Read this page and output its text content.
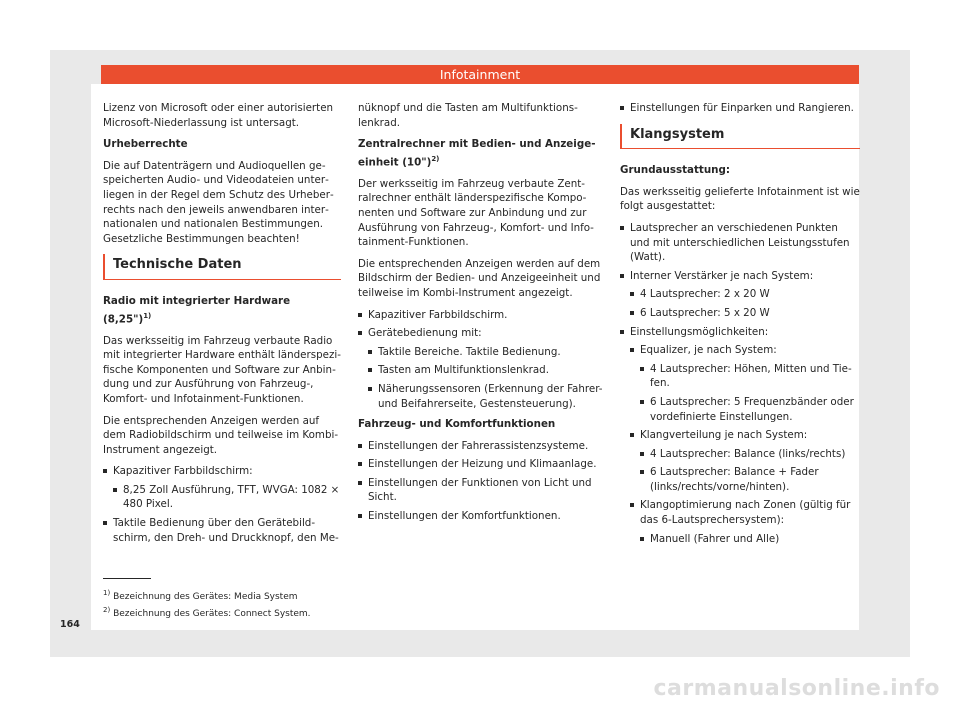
Infotainment

Lizenz von Microsoft oder einer autorisierten Microsoft-Niederlassung ist untersagt.

Urheberrechte

Die auf Datenträgern und Audioquellen gespeicherten Audio- und Videodateien unterliegen in der Regel dem Schutz des Urheberrechts nach den jeweils anwendbaren internationalen und nationalen Bestimmungen. Gesetzliche Bestimmungen beachten!

Technische Daten

Radio mit integrierter Hardware (8,25")$^{1)}$

Das werksseitig im Fahrzeug verbaute Radio mit integrierter Hardware enthält länderspezifische Komponenten und Software zur Anbindung und zur Ausführung von Fahrzeug-, Komfort- und Infotainment-Funktionen.

Die entsprechenden Anzeigen werden auf dem Radiobildschirm und teilweise im Kombi-Instrument angezeigt.

Kapazitiver Farbbildschirm:
8,25 Zoll Ausführung, TFT, WVGA: 1082 × 480 Pixel.
Taktile Bedienung über den Gerätebildschirm, den Dreh- und Druckknopf, den Me-

nüknopf und die Tasten am Multifunktionslenkrad.

Zentralrechner mit Bedien- und Anzeigeeinheit (10")$^{2)}$

Der werksseitig im Fahrzeug verbaute Zentralrechner enthält länderspezifische Komponenten und Software zur Anbindung und zur Ausführung von Fahrzeug-, Komfort- und Infotainment-Funktionen.

Die entsprechenden Anzeigen werden auf dem Bildschirm der Bedien- und Anzeigeeinheit und teilweise im Kombi-Instrument angezeigt.

Kapazitiver Farbbildschirm.
Gerätebedienung mit:
Taktile Bereiche. Taktile Bedienung.
Tasten am Multifunktionslenkrad.
Näherungssensoren (Erkennung der Fahrer- und Beifahrerseite, Gestensteuerung).

Fahrzeug- und Komfortfunktionen

Einstellungen der Fahrerassistenzsysteme.
Einstellungen der Heizung und Klimaanlage.
Einstellungen der Funktionen von Licht und Sicht.
Einstellungen der Komfortfunktionen.
Einstellungen für Einparken und Rangieren.
Klangsystem

Grundausstattung:

Das werksseitig gelieferte Infotainment ist wie folgt ausgestattet:

Lautsprecher an verschiedenen Punkten und mit unterschiedlichen Leistungsstufen (Watt).
Interner Verstärker je nach System:
4 Lautsprecher: 2 x 20 W
6 Lautsprecher: 5 x 20 W
Einstellungsmöglichkeiten:
Equalizer, je nach System:
4 Lautsprecher: Höhen, Mitten und Tiefen.
6 Lautsprecher: 5 Frequenzbänder oder vordefinierte Einstellungen.
Klangverteilung je nach System:
4 Lautsprecher: Balance (links/rechts)
6 Lautsprecher: Balance + Fader (links/rechts/vorne/hinten).
Klangoptimierung nach Zonen (gültig für das 6-Lautsprechersystem):
Manuell (Fahrer und Alle)
$^{1)}$ Bezeichnung des Gerätes: Media System
$^{2)}$ Bezeichnung des Gerätes: Connect System.
164
carmanualsonline.info
